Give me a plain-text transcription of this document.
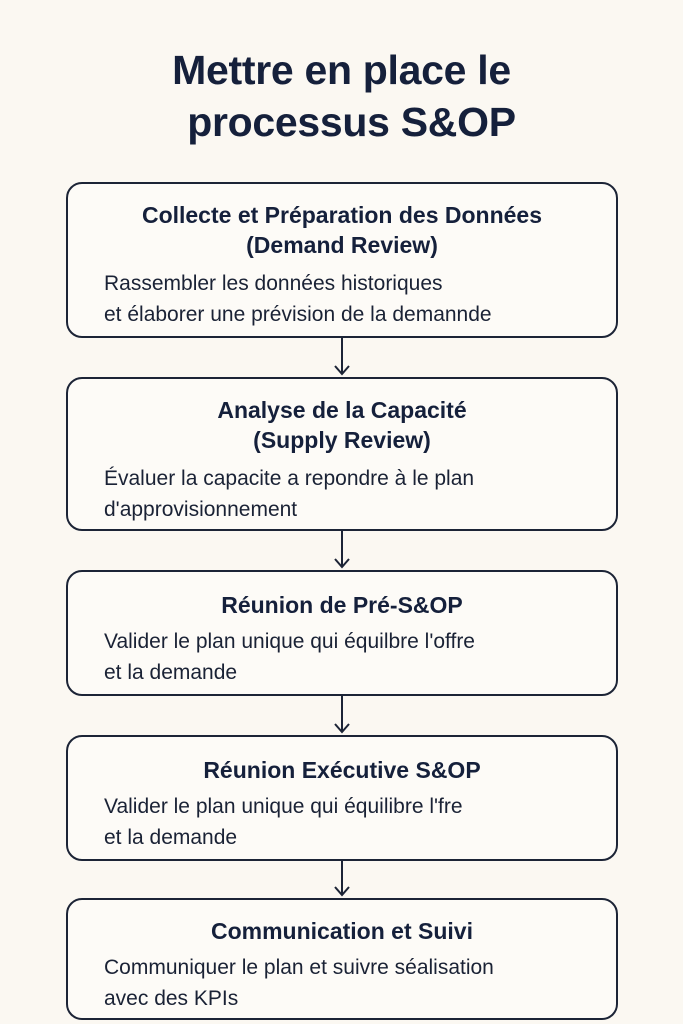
Mettre en place le
processus S&OP
Collecte et Préparation des Données
(Demand Review)
Rassembler les données historiques
et élaborer une prévision de la demannde
Analyse de la Capacité
(Supply Review)
Évaluer la capacite a repondre à le plan
d'approvisionnement
Réunion de Pré-S&OP
Valider le plan unique qui équilbre l'offre
et la demande
Réunion Exécutive S&OP
Valider le plan unique qui équilibre l'fre
et la demande
Communication et Suivi
Communiquer le plan et suivre séalisation
avec des KPIs
